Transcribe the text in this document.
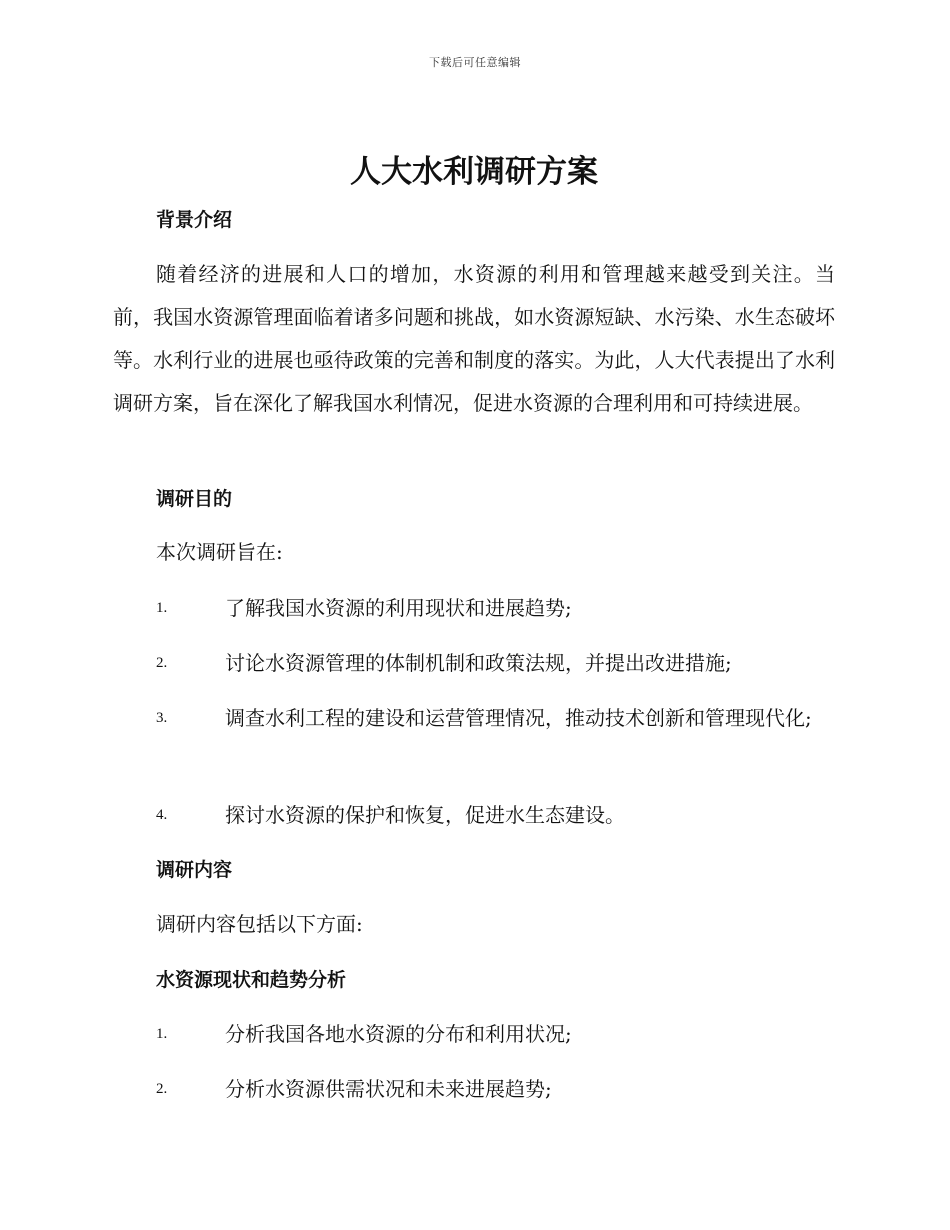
下载后可任意编辑
人大水利调研方案
背景介绍

随着经济的进展和人口的增加，水资源的利用和管理越来越受到关注。当前，我国水资源管理面临着诸多问题和挑战，如水资源短缺、水污染、水生态破坏等。水利行业的进展也亟待政策的完善和制度的落实。为此，人大代表提出了水利调研方案，旨在深化了解我国水利情况，促进水资源的合理利用和可持续进展。

调研目的

本次调研旨在:

1.	了解我国水资源的利用现状和进展趋势;
2.	讨论水资源管理的体制机制和政策法规，并提出改进措施;
3.	调查水利工程的建设和运营管理情况，推动技术创新和管理现代化;
4.	探讨水资源的保护和恢复，促进水生态建设。
调研内容

调研内容包括以下方面:

水资源现状和趋势分析
1.	分析我国各地水资源的分布和利用状况;
2.	分析水资源供需状况和未来进展趋势;
